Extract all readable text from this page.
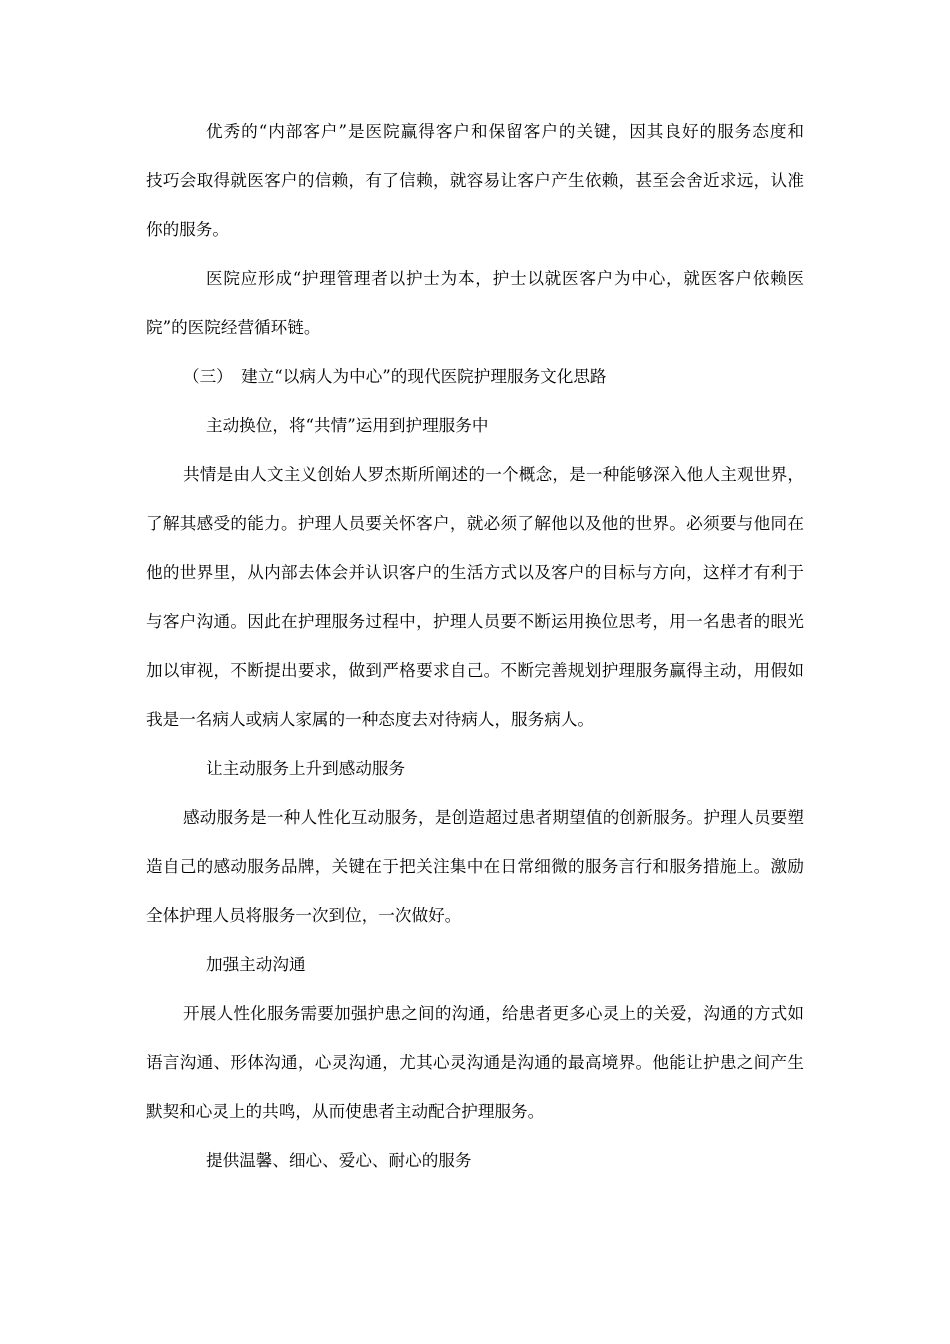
优秀的“内部客户”是医院赢得客户和保留客户的关键，因其良好的服务态度和
技巧会取得就医客户的信赖，有了信赖，就容易让客户产生依赖，甚至会舍近求远，认准
你的服务。
医院应形成“护理管理者以护士为本，护士以就医客户为中心，就医客户依赖医
院”的医院经营循环链。
（三）　建立“以病人为中心”的现代医院护理服务文化思路
主动换位，将“共情”运用到护理服务中
共情是由人文主义创始人罗杰斯所阐述的一个概念，是一种能够深入他人主观世界，
了解其感受的能力。护理人员要关怀客户，就必须了解他以及他的世界。必须要与他同在
他的世界里，从内部去体会并认识客户的生活方式以及客户的目标与方向，这样才有利于
与客户沟通。因此在护理服务过程中，护理人员要不断运用换位思考，用一名患者的眼光
加以审视，不断提出要求，做到严格要求自己。不断完善规划护理服务赢得主动，用假如
我是一名病人或病人家属的一种态度去对待病人，服务病人。
让主动服务上升到感动服务
感动服务是一种人性化互动服务，是创造超过患者期望值的创新服务。护理人员要塑
造自己的感动服务品牌，关键在于把关注集中在日常细微的服务言行和服务措施上。激励
全体护理人员将服务一次到位，一次做好。
加强主动沟通
开展人性化服务需要加强护患之间的沟通，给患者更多心灵上的关爱，沟通的方式如
语言沟通、形体沟通，心灵沟通，尤其心灵沟通是沟通的最高境界。他能让护患之间产生
默契和心灵上的共鸣，从而使患者主动配合护理服务。
提供温馨、细心、爱心、耐心的服务
